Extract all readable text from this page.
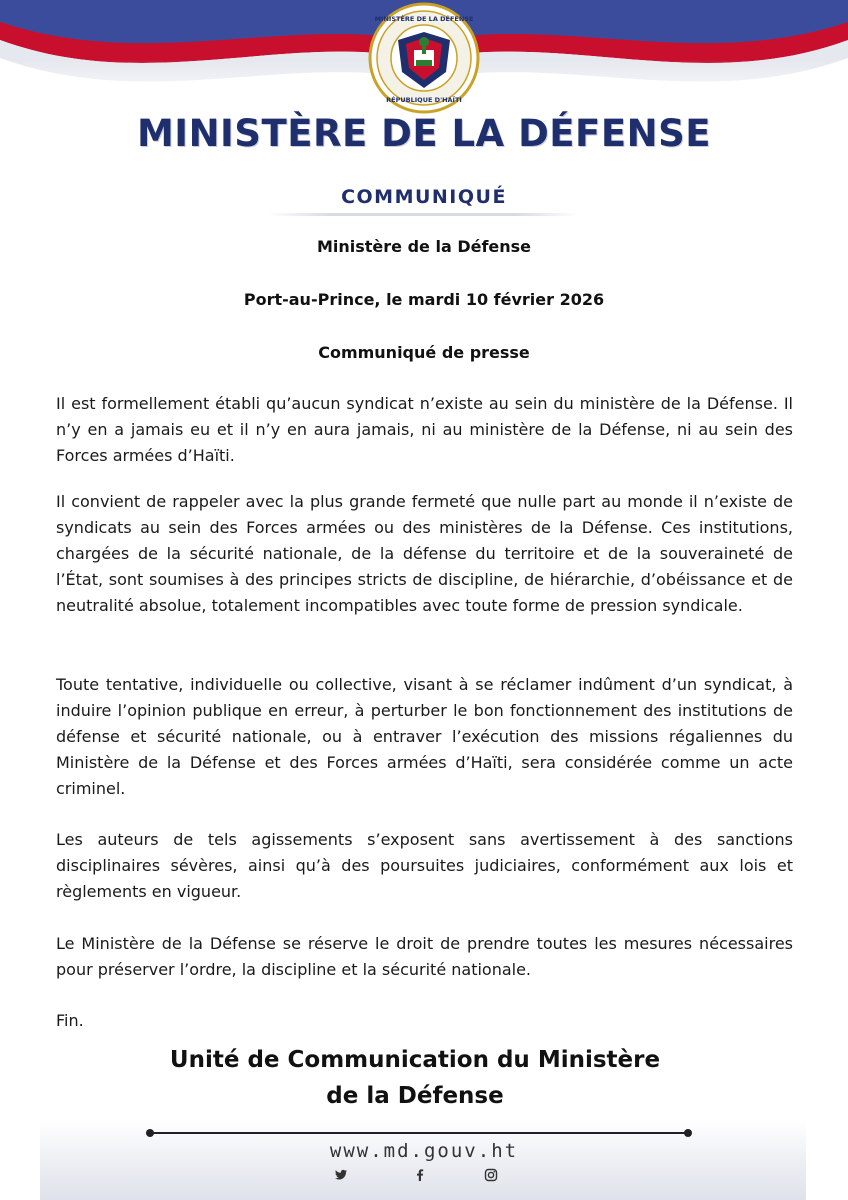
MINISTÈRE DE LA DÉFENSE
RÉPUBLIQUE D'HAÏTI
MINISTÈRE DE LA DÉFENSE
COMMUNIQUÉ
Ministère de la Défense
Port-au-Prince, le mardi 10 février 2026
Communiqué de presse

Il est formellement établi qu’aucun syndicat n’existe au sein du ministère de la Défense. Il n’y en a jamais eu et il n’y en aura jamais, ni au ministère de la Défense, ni au sein des Forces armées d’Haïti.

Il convient de rappeler avec la plus grande fermeté que nulle part au monde il n’existe de syndicats au sein des Forces armées ou des ministères de la Défense. Ces institutions, chargées de la sécurité nationale, de la défense du territoire et de la souveraineté de l’État, sont soumises à des principes stricts de discipline, de hiérarchie, d’obéissance et de neutralité absolue, totalement incompatibles avec toute forme de pression syndicale.

Toute tentative, individuelle ou collective, visant à se réclamer indûment d’un syndicat, à induire l’opinion publique en erreur, à perturber le bon fonctionnement des institutions de défense et sécurité nationale, ou à entraver l’exécution des missions régaliennes du Ministère de la Défense et des Forces armées d’Haïti, sera considérée comme un acte criminel.

Les auteurs de tels agissements s’exposent sans avertissement à des sanctions disciplinaires sévères, ainsi qu’à des poursuites judiciaires, conformément aux lois et règlements en vigueur.

Le Ministère de la Défense se réserve le droit de prendre toutes les mesures nécessaires pour préserver l’ordre, la discipline et la sécurité nationale.

Fin.

Unité de Communication du Ministère
de la Défense
www.md.gouv.ht
